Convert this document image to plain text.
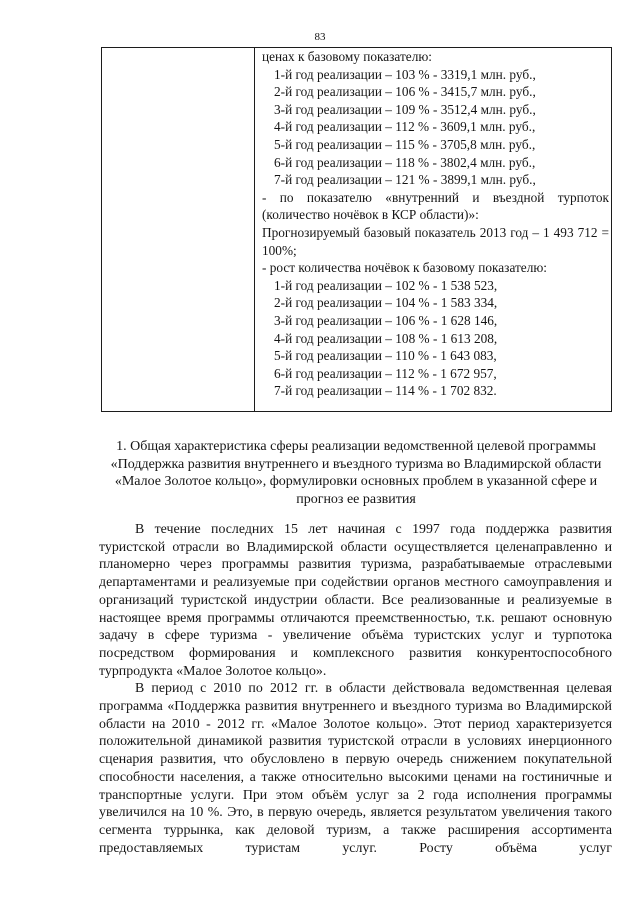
83
ценах к базовому показателю:
1-й год реализации – 103 % - 3319,1 млн. руб.,
2-й год реализации – 106 % - 3415,7 млн. руб.,
3-й год реализации – 109 % - 3512,4 млн. руб.,
4-й год реализации – 112 % - 3609,1 млн. руб.,
5-й год реализации – 115 % - 3705,8 млн. руб.,
6-й год реализации – 118 % - 3802,4 млн. руб.,
7-й год реализации – 121 % - 3899,1 млн. руб.,
- по показателю «внутренний и въездной турпоток (количество ночёвок в КСР области)»:
Прогнозируемый базовый показатель 2013 год – 1 493 712 = 100%;
- рост количества ночёвок к базовому показателю:
1-й год реализации – 102 % - 1 538 523,
2-й год реализации – 104 % - 1 583 334,
3-й год реализации – 106 % - 1 628 146,
4-й год реализации – 108 % - 1 613 208,
5-й год реализации – 110 % - 1 643 083,
6-й год реализации – 112 % - 1 672 957,
7-й год реализации – 114 % - 1 702 832.
1. Общая характеристика сферы реализации ведомственной целевой программы «Поддержка развития внутреннего и въездного туризма во Владимирской области «Малое Золотое кольцо», формулировки основных проблем в указанной сфере и прогноз ее развития

В течение последних 15 лет начиная с 1997 года поддержка развития туристской отрасли во Владимирской области осуществляется целенаправленно и планомерно через программы развития туризма, разрабатываемые отраслевыми департаментами и реализуемые при содействии органов местного самоуправления и организаций туристской индустрии области. Все реализованные и реализуемые в настоящее время программы отличаются преемственностью, т.к. решают основную задачу в сфере туризма - увеличение объёма туристских услуг и турпотока посредством формирования и комплексного развития конкурентоспособного турпродукта «Малое Золотое кольцо».

В период с 2010 по 2012 гг. в области действовала ведомственная целевая программа «Поддержка развития внутреннего и въездного туризма во Владимирской области на 2010 - 2012 гг. «Малое Золотое кольцо». Этот период характеризуется положительной динамикой развития туристской отрасли в условиях инерционного сценария развития, что обусловлено в первую очередь снижением покупательной способности населения, а также относительно высокими ценами на гостиничные и транспортные услуги. При этом объём услуг за 2 года исполнения программы увеличился на 10 %. Это, в первую очередь, является результатом увеличения такого сегмента туррынка, как деловой туризм, а также расширения ассортимента предоставляемых туристам услуг. Росту объёма услуг
